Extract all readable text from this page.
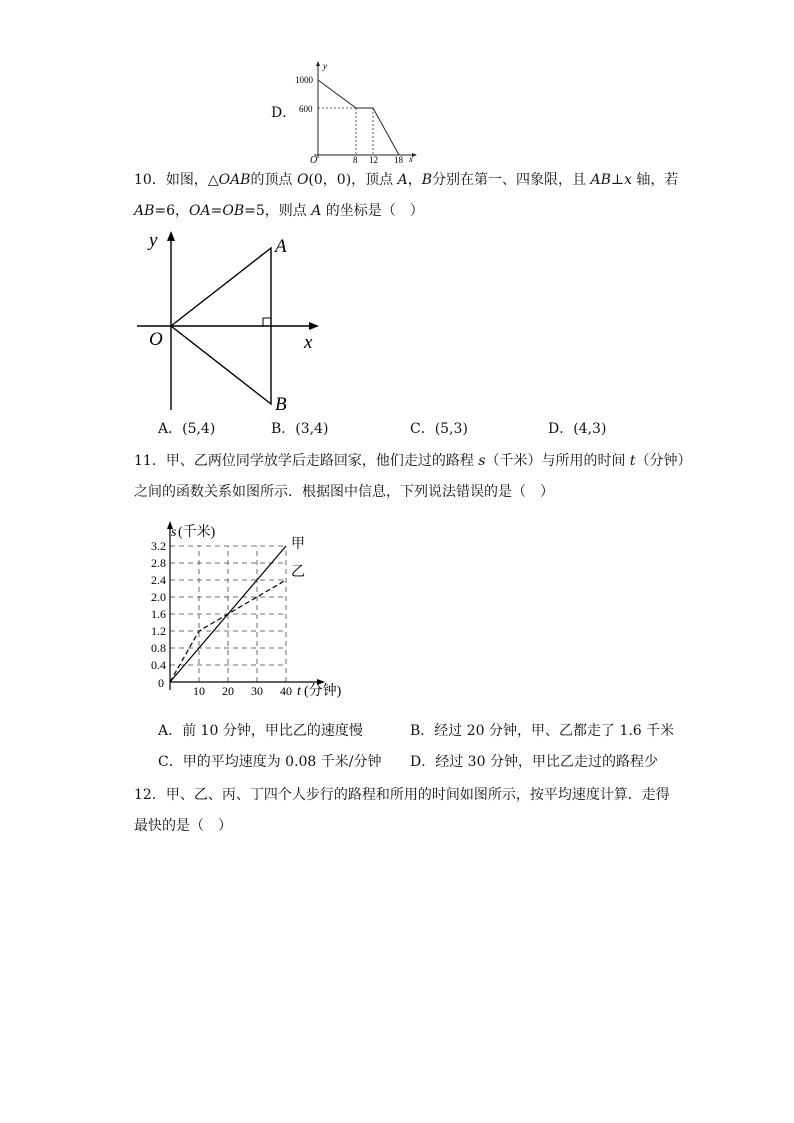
D．
y
x
O
1000
600
8 12 18
10．如图，△OAB的顶点 O(0，0)，顶点 A，B分别在第一、四象限，且 AB⊥x 轴，若
AB=6，OA=OB=5，则点 A 的坐标是（　）
y
x
O
A
B
A．(5,4)	B．(3,4)	C．(5,3)	D．(4,3)
11．甲、乙两位同学放学后走路回家，他们走过的路程 s（千米）与所用的时间 t（分钟）
之间的函数关系如图所示．根据图中信息，下列说法错误的是（　）
0.4
0.8
1.2
1.6
2.0
2.4
2.8
3.2
10 20 30 40
甲
乙
s (千米)
t (分钟)
0
A．前 10 分钟，甲比乙的速度慢	B．经过 20 分钟，甲、乙都走了 1.6 千米
C．甲的平均速度为 0.08 千米/分钟 D．经过 30 分钟，甲比乙走过的路程少
12．甲、乙、丙、丁四个人步行的路程和所用的时间如图所示，按平均速度计算．走得
最快的是（　）
